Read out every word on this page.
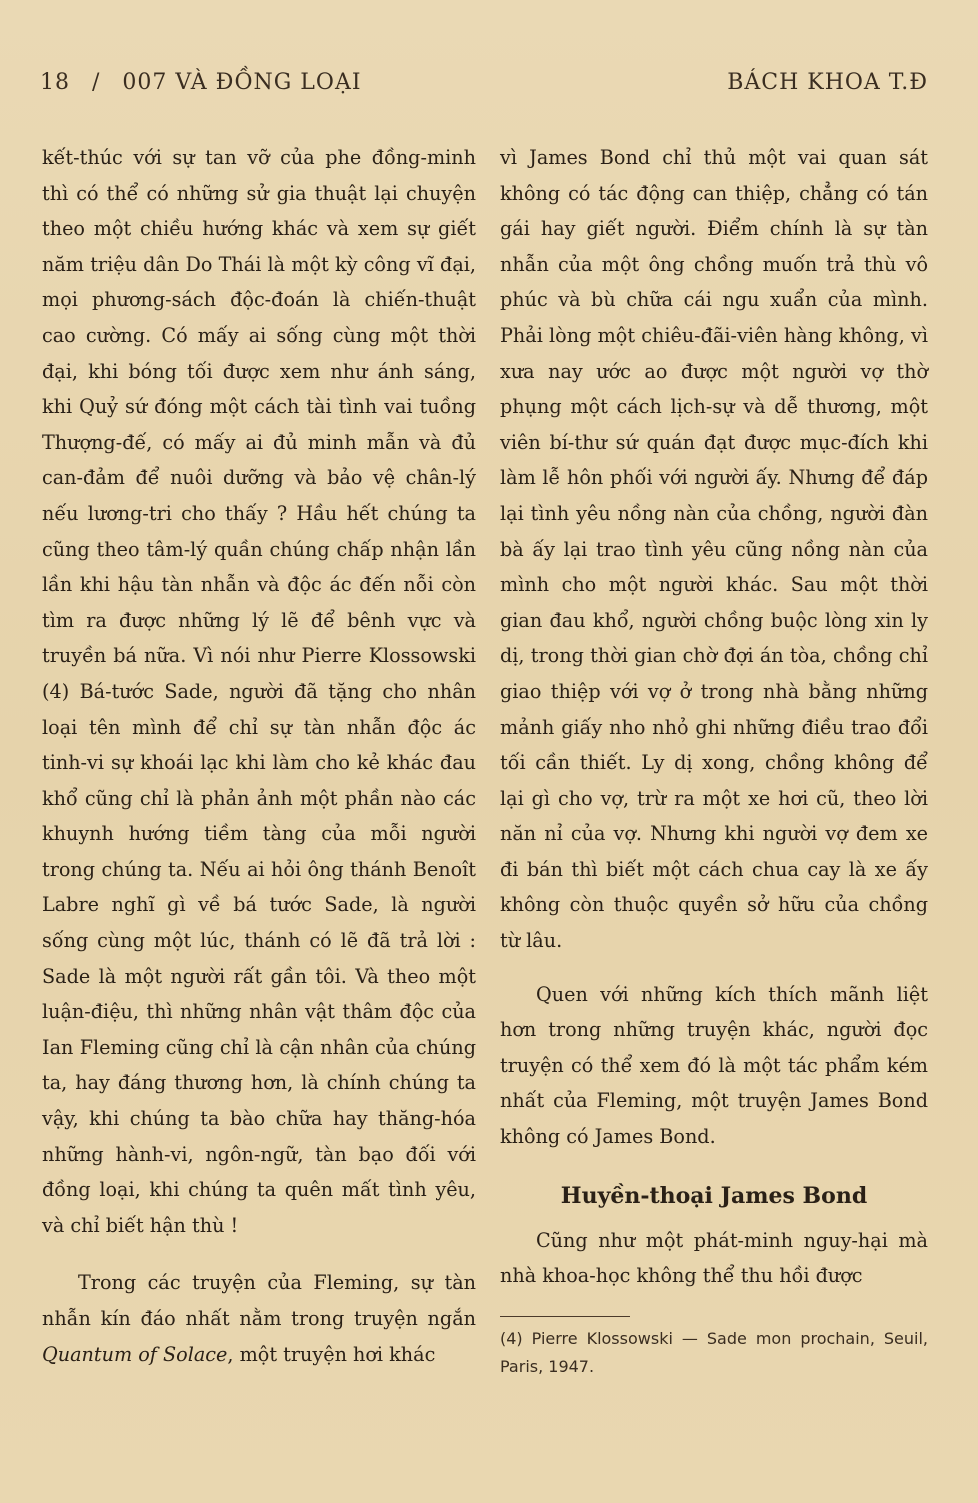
18 / 007 VÀ ĐỒNG LOẠI	BÁCH KHOA T.Đ

kết-thúc với sự tan vỡ của phe đồng-minh thì có thể có những sử gia thuật lại chuyện theo một chiều hướng khác và xem sự giết năm triệu dân Do Thái là một kỳ công vĩ đại, mọi phương-sách độc-đoán là chiến-thuật cao cường. Có mấy ai sống cùng một thời đại, khi bóng tối được xem như ánh sáng, khi Quỷ sứ đóng một cách tài tình vai tuồng Thượng-đế, có mấy ai đủ minh mẫn và đủ can-đảm để nuôi dưỡng và bảo vệ chân-lý nếu lương-tri cho thấy ? Hầu hết chúng ta cũng theo tâm-lý quần chúng chấp nhận lần lần khi hậu tàn nhẫn và độc ác đến nỗi còn tìm ra được những lý lẽ để bênh vực và truyền bá nữa. Vì nói như Pierre Klossowski (4) Bá-tước Sade, người đã tặng cho nhân loại tên mình để chỉ sự tàn nhẫn độc ác tinh-vi sự khoái lạc khi làm cho kẻ khác đau khổ cũng chỉ là phản ảnh một phần nào các khuynh hướng tiềm tàng của mỗi người trong chúng ta. Nếu ai hỏi ông thánh Benoît Labre nghĩ gì về bá tước Sade, là người sống cùng một lúc, thánh có lẽ đã trả lời : Sade là một người rất gần tôi. Và theo một luận-điệu, thì những nhân vật thâm độc của Ian Fleming cũng chỉ là cận nhân của chúng ta, hay đáng thương hơn, là chính chúng ta vậy, khi chúng ta bào chữa hay thăng-hóa những hành-vi, ngôn-ngữ, tàn bạo đối với đồng loại, khi chúng ta quên mất tình yêu, và chỉ biết hận thù !

Trong các truyện của Fleming, sự tàn nhẫn kín đáo nhất nằm trong truyện ngắn Quantum of Solace, một truyện hơi khác

vì James Bond chỉ thủ một vai quan sát không có tác động can thiệp, chẳng có tán gái hay giết người. Điểm chính là sự tàn nhẫn của một ông chồng muốn trả thù vô phúc và bù chữa cái ngu xuẩn của mình. Phải lòng một chiêu-đãi-viên hàng không, vì xưa nay ước ao được một người vợ thờ phụng một cách lịch-sự và dễ thương, một viên bí-thư sứ quán đạt được mục-đích khi làm lễ hôn phối với người ấy. Nhưng để đáp lại tình yêu nồng nàn của chồng, người đàn bà ấy lại trao tình yêu cũng nồng nàn của mình cho một người khác. Sau một thời gian đau khổ, người chồng buộc lòng xin ly dị, trong thời gian chờ đợi án tòa, chồng chỉ giao thiệp với vợ ở trong nhà bằng những mảnh giấy nho nhỏ ghi những điều trao đổi tối cần thiết. Ly dị xong, chồng không để lại gì cho vợ, trừ ra một xe hơi cũ, theo lời năn nỉ của vợ. Nhưng khi người vợ đem xe đi bán thì biết một cách chua cay là xe ấy không còn thuộc quyền sở hữu của chồng từ lâu.

Quen với những kích thích mãnh liệt hơn trong những truyện khác, người đọc truyện có thể xem đó là một tác phẩm kém nhất của Fleming, một truyện James Bond không có James Bond.

Huyền-thoại James Bond

Cũng như một phát-minh nguy-hại mà nhà khoa-học không thể thu hồi được

(4) Pierre Klossowski — Sade mon prochain, Seuil, Paris, 1947.
